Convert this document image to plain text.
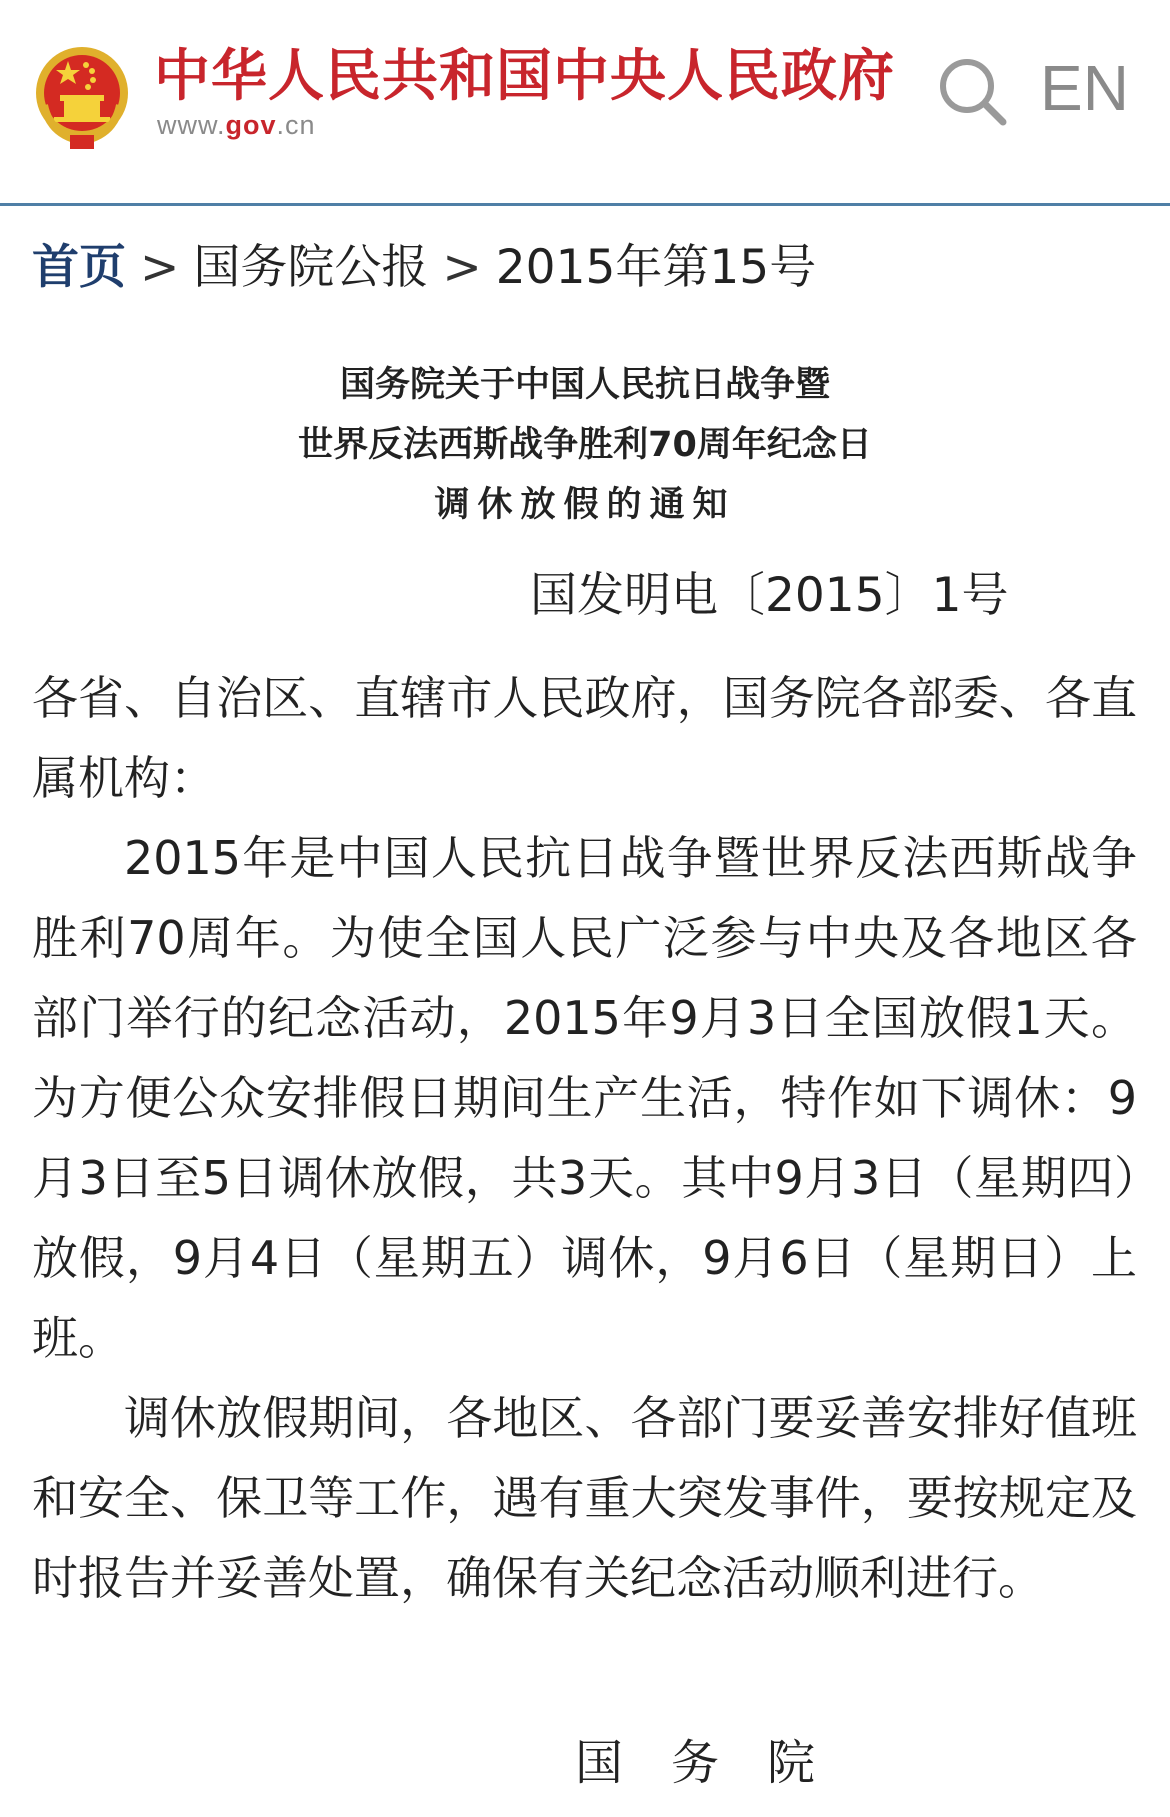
中华人民共和国中央人民政府
www.gov.cn
EN
首页 > 国务院公报 > 2015年第15号
国务院关于中国人民抗日战争暨
世界反法西斯战争胜利70周年纪念日
调休放假的通知
国发明电〔2015〕1号

各省、自治区、直辖市人民政府，国务院各部委、各直属机构：

2015年是中国人民抗日战争暨世界反法西斯战争胜利70周年。为使全国人民广泛参与中央及各地区各部门举行的纪念活动，2015年9月3日全国放假1天。为方便公众安排假日期间生产生活，特作如下调休：9月3日至5日调休放假，共3天。其中9月3日（星期四）放假，9月4日（星期五）调休，9月6日（星期日）上班。

调休放假期间，各地区、各部门要妥善安排好值班和安全、保卫等工作，遇有重大突发事件，要按规定及时报告并妥善处置，确保有关纪念活动顺利进行。

国务院
